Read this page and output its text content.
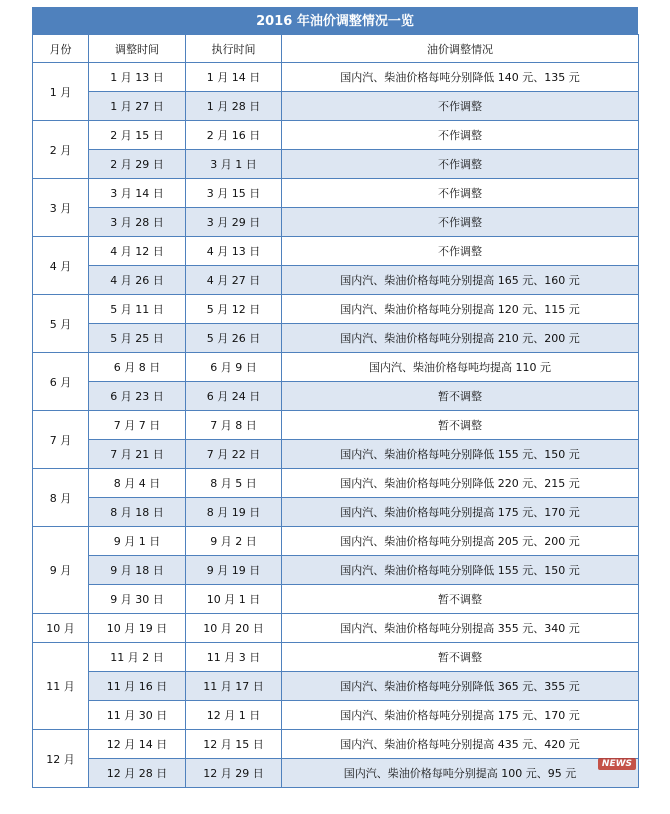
2016 年油价调整情况一览
月份	调整时间	执行时间	油价调整情况
1 月	1 月 13 日	1 月 14 日	国内汽、柴油价格每吨分别降低 140 元、135 元
	1 月 27 日	1 月 28 日	不作调整
2 月	2 月 15 日	2 月 16 日	不作调整
	2 月 29 日	3 月 1 日	不作调整
3 月	3 月 14 日	3 月 15 日	不作调整
	3 月 28 日	3 月 29 日	不作调整
4 月	4 月 12 日	4 月 13 日	不作调整
	4 月 26 日	4 月 27 日	国内汽、柴油价格每吨分别提高 165 元、160 元
5 月	5 月 11 日	5 月 12 日	国内汽、柴油价格每吨分别提高 120 元、115 元
	5 月 25 日	5 月 26 日	国内汽、柴油价格每吨分别提高 210 元、200 元
6 月	6 月 8 日	6 月 9 日	国内汽、柴油价格每吨均提高 110 元
	6 月 23 日	6 月 24 日	暂不调整
7 月	7 月 7 日	7 月 8 日	暂不调整
	7 月 21 日	7 月 22 日	国内汽、柴油价格每吨分别降低 155 元、150 元
8 月	8 月 4 日	8 月 5 日	国内汽、柴油价格每吨分别降低 220 元、215 元
	8 月 18 日	8 月 19 日	国内汽、柴油价格每吨分别提高 175 元、170 元
9 月	9 月 1 日	9 月 2 日	国内汽、柴油价格每吨分别提高 205 元、200 元
	9 月 18 日	9 月 19 日	国内汽、柴油价格每吨分别降低 155 元、150 元
	9 月 30 日	10 月 1 日	暂不调整
10 月	10 月 19 日	10 月 20 日	国内汽、柴油价格每吨分别提高 355 元、340 元
11 月	11 月 2 日	11 月 3 日	暂不调整
	11 月 16 日	11 月 17 日	国内汽、柴油价格每吨分别降低 365 元、355 元
	11 月 30 日	12 月 1 日	国内汽、柴油价格每吨分别提高 175 元、170 元
12 月	12 月 14 日	12 月 15 日	国内汽、柴油价格每吨分别提高 435 元、420 元
	12 月 28 日	12 月 29 日	国内汽、柴油价格每吨分别提高 100 元、95 元
NEWS
